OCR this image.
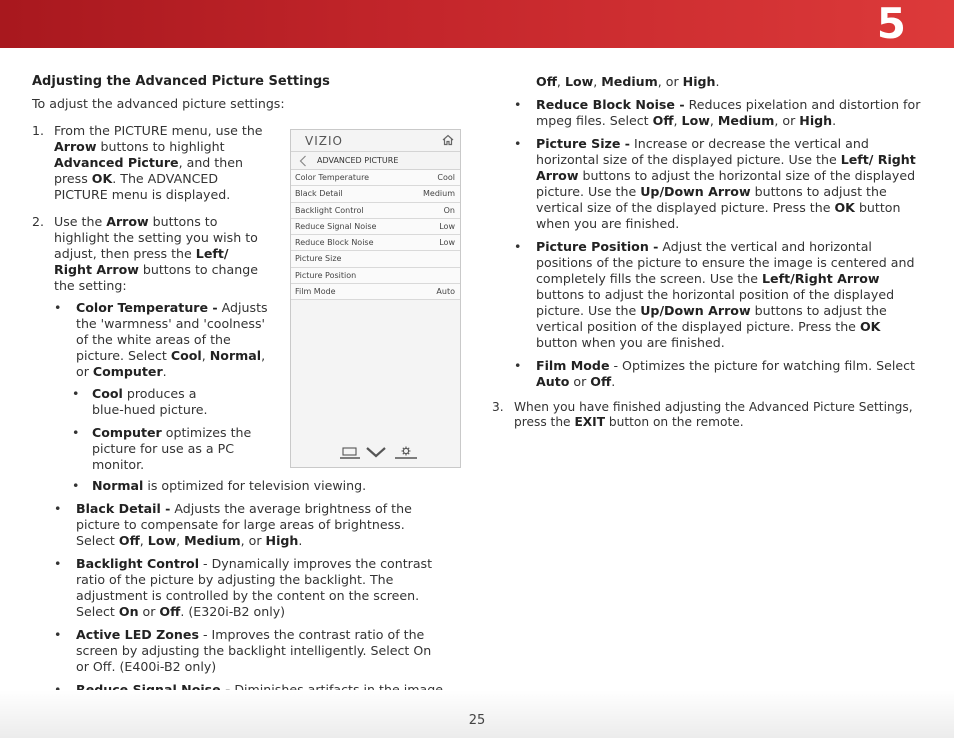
5
Adjusting the Advanced Picture Settings
To adjust the advanced picture settings:
1. From the PICTURE menu, use the Arrow buttons to highlight Advanced Picture, and then press OK. The ADVANCED PICTURE menu is displayed.
2. Use the Arrow buttons to highlight the setting you wish to adjust, then press the Left/ Right Arrow buttons to change the setting:
• Color Temperature - Adjusts the 'warmness' and 'coolness' of the white areas of the picture. Select Cool, Normal, or Computer.
• Cool produces a blue-hued picture.
• Computer optimizes the picture for use as a PC monitor.
• Normal is optimized for television viewing.
• Black Detail - Adjusts the average brightness of the picture to compensate for large areas of brightness. Select Off, Low, Medium, or High.
• Backlight Control - Dynamically improves the contrast ratio of the picture by adjusting the backlight. The adjustment is controlled by the content on the screen. Select On or Off. (E320i-B2 only)
• Active LED Zones - Improves the contrast ratio of the screen by adjusting the backlight intelligently. Select On or Off. (E400i-B2 only)
•
VIZIO
ADVANCED PICTURE
Color Temperature	Cool
Black Detail	Medium
Backlight Control	On
Reduce Signal Noise	Low
Reduce Block Noise	Low
Picture Size
Picture Position
Film Mode	Auto
Off, Low, Medium, or High.
• Reduce Block Noise - Reduces pixelation and distortion for mpeg files. Select Off, Low, Medium, or High.
• Picture Size - Increase or decrease the vertical and horizontal size of the displayed picture. Use the Left/ Right Arrow buttons to adjust the horizontal size of the displayed picture. Use the Up/Down Arrow buttons to adjust the vertical size of the displayed picture. Press the OK button when you are finished.
• Picture Position - Adjust the vertical and horizontal positions of the picture to ensure the image is centered and completely fills the screen. Use the Left/Right Arrow buttons to adjust the horizontal position of the displayed picture. Use the Up/Down Arrow buttons to adjust the vertical position of the displayed picture. Press the OK button when you are finished.
• Film Mode - Optimizes the picture for watching film. Select Auto or Off.
3. When you have finished adjusting the Advanced Picture Settings, press the EXIT button on the remote.
25
